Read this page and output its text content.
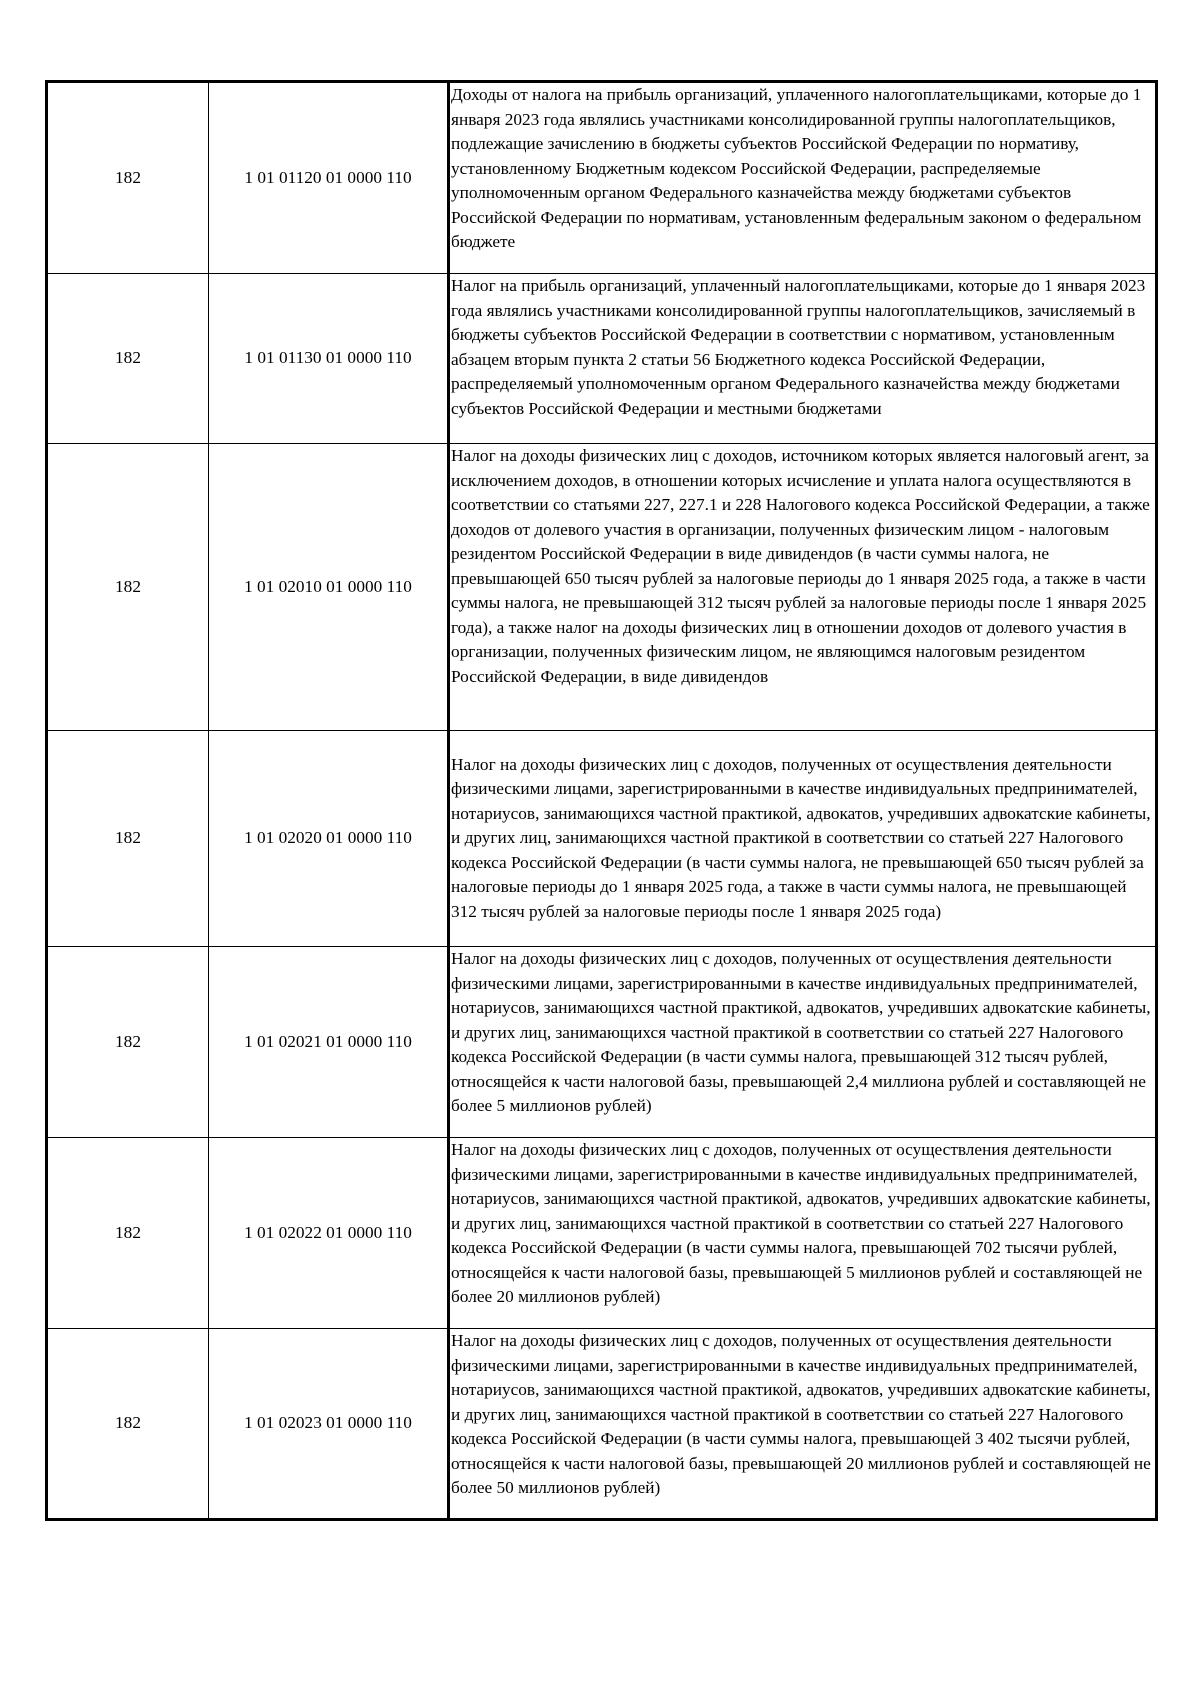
182	1 01 01120 01 0000 110	Доходы от налога на прибыль организаций, уплаченного налогоплательщиками, которые до 1 января 2023 года являлись участниками консолидированной группы налогоплательщиков, подлежащие зачислению в бюджеты субъектов Российской Федерации по нормативу, установленному Бюджетным кодексом Российской Федерации, распределяемые уполномоченным органом Федерального казначейства между бюджетами субъектов Российской Федерации по нормативам, установленным федеральным законом о федеральном бюджете
182	1 01 01130 01 0000 110	Налог на прибыль организаций, уплаченный налогоплательщиками, которые до 1 января 2023 года являлись участниками консолидированной группы налогоплательщиков, зачисляемый в бюджеты субъектов Российской Федерации в соответствии с нормативом, установленным абзацем вторым пункта 2 статьи 56 Бюджетного кодекса Российской Федерации, распределяемый уполномоченным органом Федерального казначейства между бюджетами субъектов Российской Федерации и местными бюджетами
182	1 01 02010 01 0000 110	Налог на доходы физических лиц с доходов, источником которых является налоговый агент, за исключением доходов, в отношении которых исчисление и уплата налога осуществляются в соответствии со статьями 227, 227.1 и 228 Налогового кодекса Российской Федерации, а также доходов от долевого участия в организации, полученных физическим лицом - налоговым резидентом Российской Федерации в виде дивидендов (в части суммы налога, не превышающей 650 тысяч рублей за налоговые периоды до 1 января 2025 года, а также в части суммы налога, не превышающей 312 тысяч рублей за налоговые периоды после 1 января 2025 года), а также налог на доходы физических лиц в отношении доходов от долевого участия в организации, полученных физическим лицом, не являющимся налоговым резидентом Российской Федерации, в виде дивидендов
182	1 01 02020 01 0000 110	Налог на доходы физических лиц с доходов, полученных от осуществления деятельности физическими лицами, зарегистрированными в качестве индивидуальных предпринимателей, нотариусов, занимающихся частной практикой, адвокатов, учредивших адвокатские кабинеты, и других лиц, занимающихся частной практикой в соответствии со статьей 227 Налогового кодекса Российской Федерации (в части суммы налога, не превышающей 650 тысяч рублей за налоговые периоды до 1 января 2025 года, а также в части суммы налога, не превышающей 312 тысяч рублей за налоговые периоды после 1 января 2025 года)
182	1 01 02021 01 0000 110	Налог на доходы физических лиц с доходов, полученных от осуществления деятельности физическими лицами, зарегистрированными в качестве индивидуальных предпринимателей, нотариусов, занимающихся частной практикой, адвокатов, учредивших адвокатские кабинеты, и других лиц, занимающихся частной практикой в соответствии со статьей 227 Налогового кодекса Российской Федерации (в части суммы налога, превышающей 312 тысяч рублей, относящейся к части налоговой базы, превышающей 2,4 миллиона рублей и составляющей не более 5 миллионов рублей)
182	1 01 02022 01 0000 110	Налог на доходы физических лиц с доходов, полученных от осуществления деятельности физическими лицами, зарегистрированными в качестве индивидуальных предпринимателей, нотариусов, занимающихся частной практикой, адвокатов, учредивших адвокатские кабинеты, и других лиц, занимающихся частной практикой в соответствии со статьей 227 Налогового кодекса Российской Федерации (в части суммы налога, превышающей 702 тысячи рублей, относящейся к части налоговой базы, превышающей 5 миллионов рублей и составляющей не более 20 миллионов рублей)
182	1 01 02023 01 0000 110	Налог на доходы физических лиц с доходов, полученных от осуществления деятельности физическими лицами, зарегистрированными в качестве индивидуальных предпринимателей, нотариусов, занимающихся частной практикой, адвокатов, учредивших адвокатские кабинеты, и других лиц, занимающихся частной практикой в соответствии со статьей 227 Налогового кодекса Российской Федерации (в части суммы налога, превышающей 3 402 тысячи рублей, относящейся к части налоговой базы, превышающей 20 миллионов рублей и составляющей не более 50 миллионов рублей)
